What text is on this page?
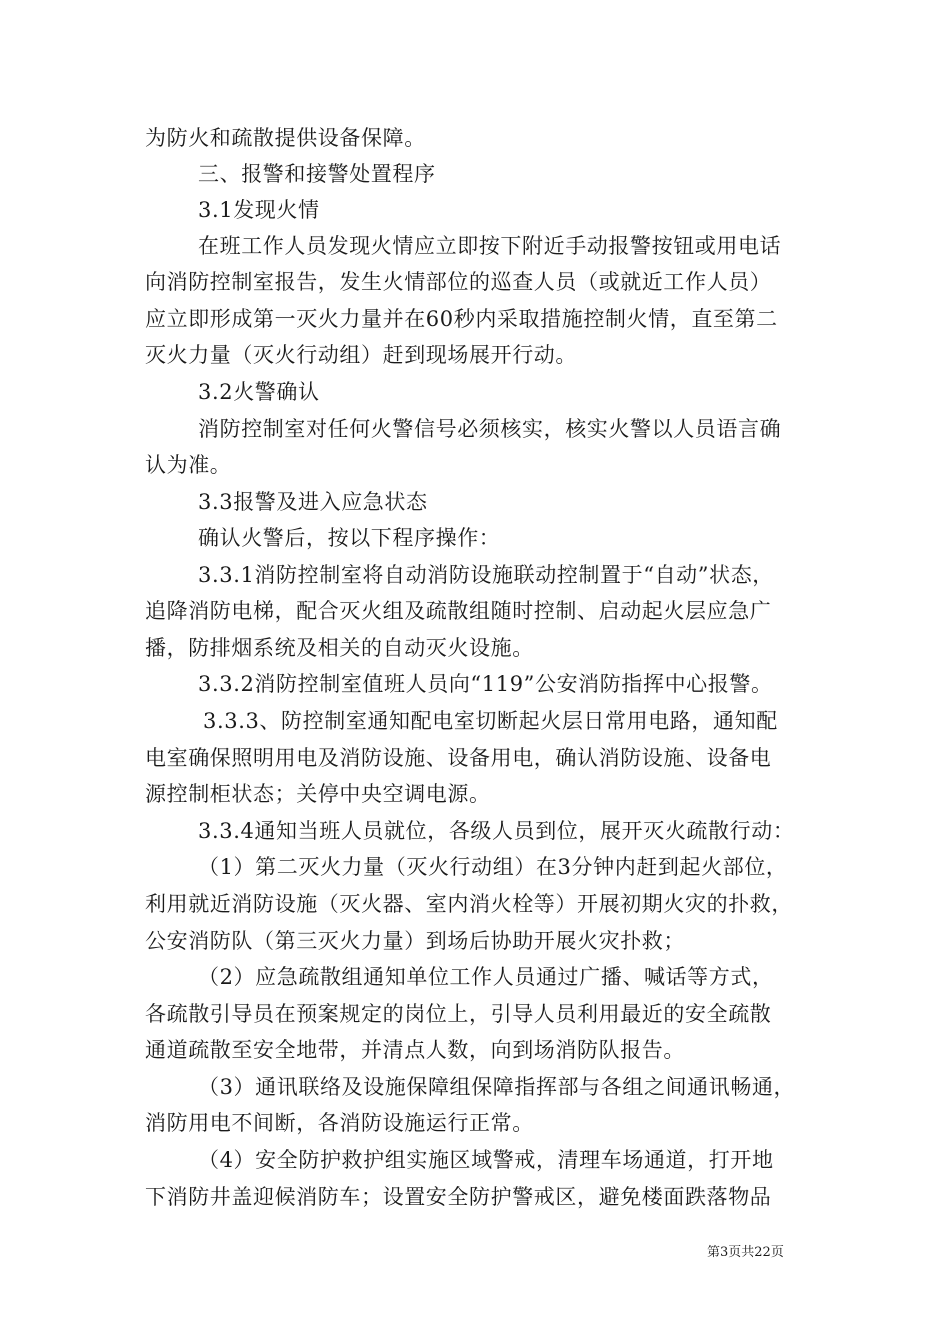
为防火和疏散提供设备保障。
三、报警和接警处置程序
3.1发现火情
在班工作人员发现火情应立即按下附近手动报警按钮或用电话
向消防控制室报告，发生火情部位的巡查人员（或就近工作人员）
应立即形成第一灭火力量并在60秒内采取措施控制火情，直至第二
灭火力量（灭火行动组）赶到现场展开行动。
3.2火警确认
消防控制室对任何火警信号必须核实，核实火警以人员语言确
认为准。
3.3报警及进入应急状态
确认火警后，按以下程序操作：
3.3.1消防控制室将自动消防设施联动控制置于“自动”状态，
追降消防电梯，配合灭火组及疏散组随时控制、启动起火层应急广
播，防排烟系统及相关的自动灭火设施。
3.3.2消防控制室值班人员向“119”公安消防指挥中心报警。
3.3.3、防控制室通知配电室切断起火层日常用电路，通知配
电室确保照明用电及消防设施、设备用电，确认消防设施、设备电
源控制柜状态；关停中央空调电源。
3.3.4通知当班人员就位，各级人员到位，展开灭火疏散行动：
（1）第二灭火力量（灭火行动组）在3分钟内赶到起火部位，
利用就近消防设施（灭火器、室内消火栓等）开展初期火灾的扑救，
公安消防队（第三灭火力量）到场后协助开展火灾扑救；
（2）应急疏散组通知单位工作人员通过广播、喊话等方式，
各疏散引导员在预案规定的岗位上，引导人员利用最近的安全疏散
通道疏散至安全地带，并清点人数，向到场消防队报告。
（3）通讯联络及设施保障组保障指挥部与各组之间通讯畅通，
消防用电不间断，各消防设施运行正常。
（4）安全防护救护组实施区域警戒，清理车场通道，打开地
下消防井盖迎候消防车；设置安全防护警戒区，避免楼面跌落物品
第3页共22页
